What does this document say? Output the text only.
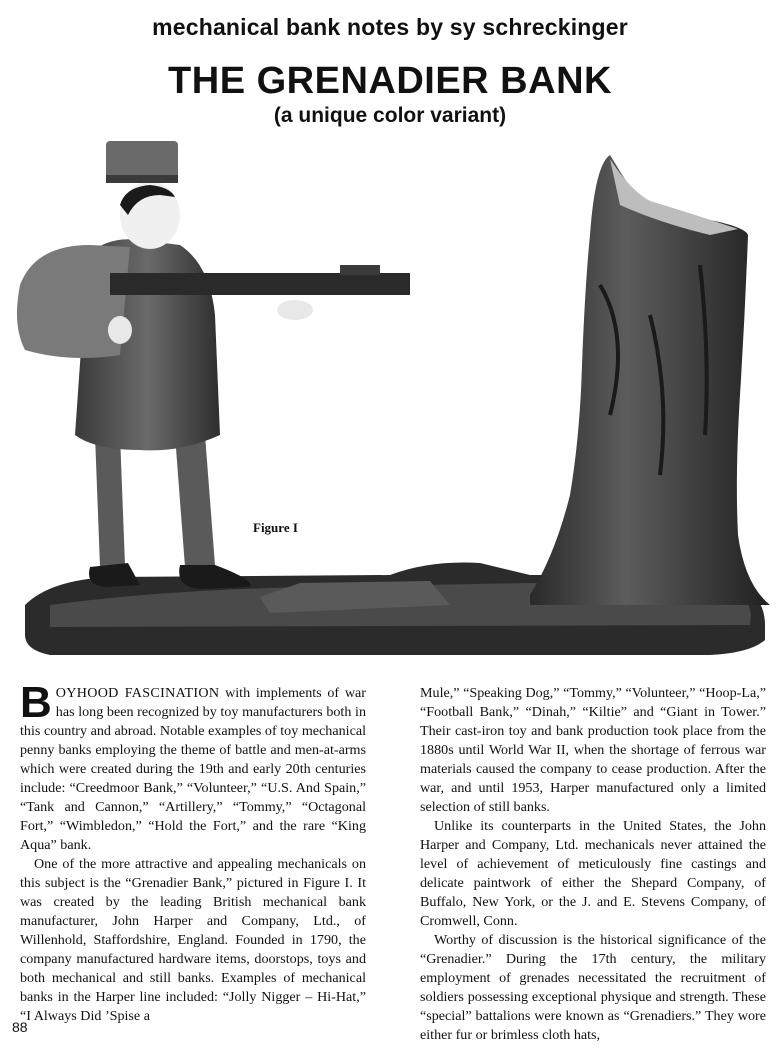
mechanical bank notes by sy schreckinger
THE GRENADIER BANK
(a unique color variant)
Figure I

BOYHOOD FASCINATION with implements of war has long been recognized by toy manufacturers both in this country and abroad. Notable examples of toy mechanical penny banks employing the theme of battle and men-at-arms which were created during the 19th and early 20th centuries include: “Creedmoor Bank,” “Volunteer,” “U.S. And Spain,” “Tank and Cannon,” “Artillery,” “Tommy,” “Octagonal Fort,” “Wimbledon,” “Hold the Fort,” and the rare “King Aqua” bank.

One of the more attractive and appealing mechanicals on this subject is the “Grenadier Bank,” pictured in Figure I. It was created by the leading British mechanical bank manufacturer, John Harper and Company, Ltd., of Willenhold, Staffordshire, England. Founded in 1790, the company manufactured hardware items, doorstops, toys and both mechanical and still banks. Examples of mechanical banks in the Harper line included: “Jolly Nigger – Hi-Hat,” “I Always Did ’Spise a

Mule,” “Speaking Dog,” “Tommy,” “Volunteer,” “Hoop-La,” “Football Bank,” “Dinah,” “Kiltie” and “Giant in Tower.” Their cast-iron toy and bank production took place from the 1880s until World War II, when the shortage of ferrous war materials caused the company to cease production. After the war, and until 1953, Harper manufactured only a limited selection of still banks.

Unlike its counterparts in the United States, the John Harper and Company, Ltd. mechanicals never attained the level of achievement of meticulously fine castings and delicate paintwork of either the Shepard Company, of Buffalo, New York, or the J. and E. Stevens Company, of Cromwell, Conn.

Worthy of discussion is the historical significance of the “Grenadier.” During the 17th century, the military employment of grenades necessitated the recruitment of soldiers possessing exceptional physique and strength. These “special” battalions were known as “Grenadiers.” They wore either fur or brimless cloth hats,

88
